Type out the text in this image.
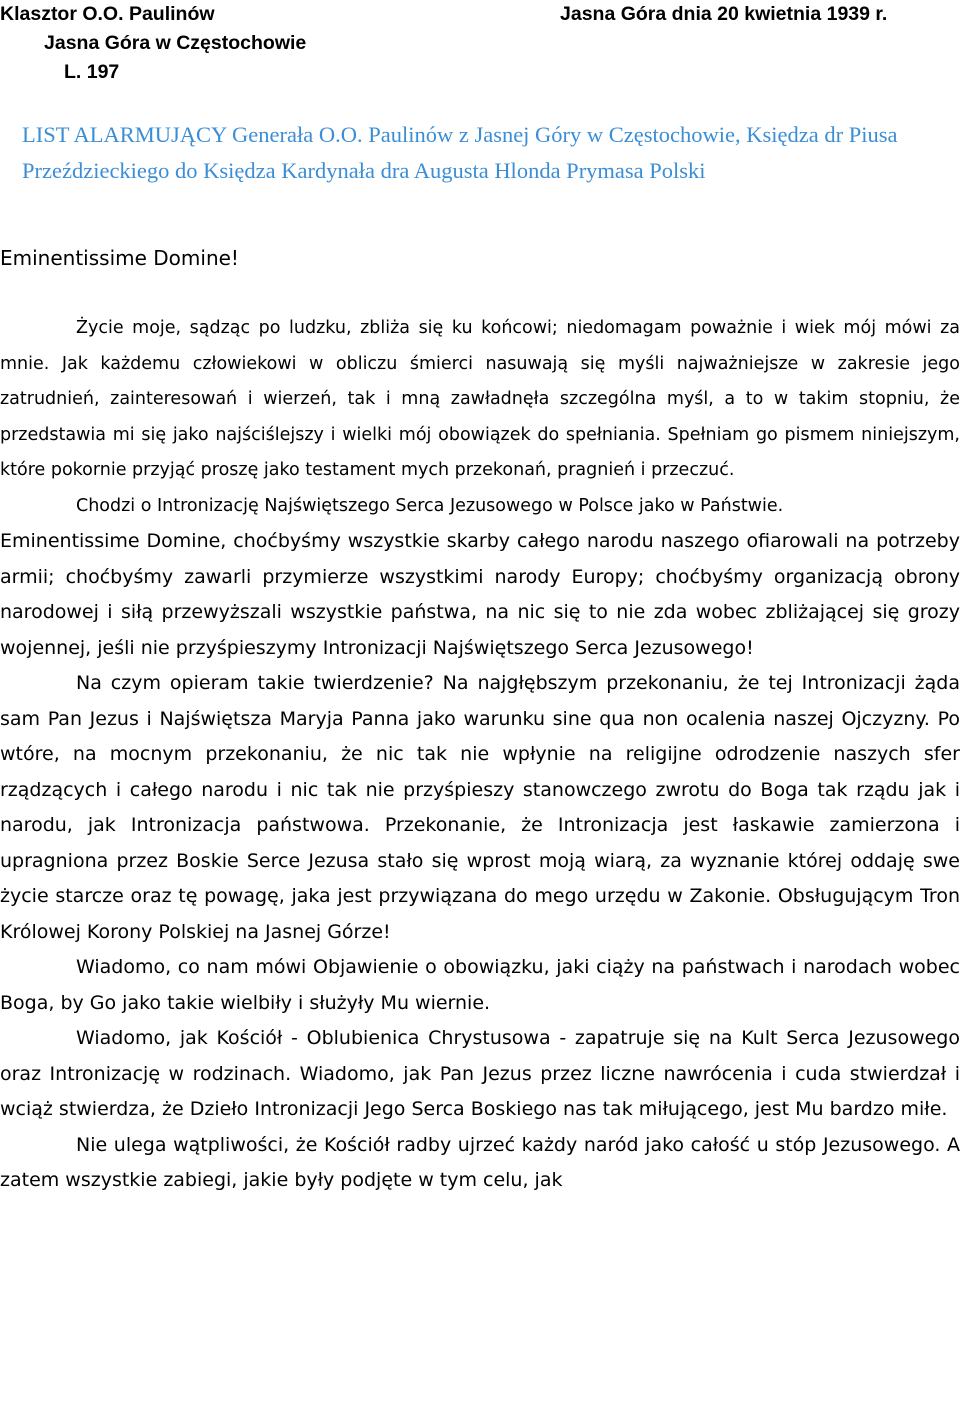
Klasztor O.O. Paulinów	Jasna Góra dnia 20 kwietnia 1939 r.
Jasna Góra w Częstochowie
L. 197
LIST ALARMUJĄCY Generała O.O. Paulinów z Jasnej Góry w Częstochowie, Księdza dr Piusa Przeździeckiego do Księdza Kardynała dra Augusta Hlonda Prymasa Polski
Eminentissime Domine!

Życie moje, sądząc po ludzku, zbliża się ku końcowi; niedomagam poważnie i wiek mój mówi za mnie. Jak każdemu człowiekowi w obliczu śmierci nasuwają się myśli najważniejsze w zakresie jego zatrudnień, zainteresowań i wierzeń, tak i mną zawładnęła szczególna myśl, a to w takim stopniu, że przedstawia mi się jako najściślejszy i wielki mój obowiązek do spełniania. Spełniam go pismem niniejszym, które pokornie przyjąć proszę jako testament mych przekonań, pragnień i przeczuć.

Chodzi o Intronizację Najświętszego Serca Jezusowego w Polsce jako w Państwie.

Eminentissime Domine, choćbyśmy wszystkie skarby całego narodu naszego ofiarowali na potrzeby armii; choćbyśmy zawarli przymierze wszystkimi narody Europy; choćbyśmy organizacją obrony narodowej i siłą przewyższali wszystkie państwa, na nic się to nie zda wobec zbliżającej się grozy wojennej, jeśli nie przyśpieszymy Intronizacji Najświętszego Serca Jezusowego!

Na czym opieram takie twierdzenie? Na najgłębszym przekonaniu, że tej Intronizacji żąda sam Pan Jezus i Najświętsza Maryja Panna jako warunku sine qua non ocalenia naszej Ojczyzny. Po wtóre, na mocnym przekonaniu, że nic tak nie wpłynie na religijne odrodzenie naszych sfer rządzących i całego narodu i nic tak nie przyśpieszy stanowczego zwrotu do Boga tak rządu jak i narodu, jak Intronizacja państwowa. Przekonanie, że Intronizacja jest łaskawie zamierzona i upragniona przez Boskie Serce Jezusa stało się wprost moją wiarą, za wyznanie której oddaję swe życie starcze oraz tę powagę, jaka jest przywiązana do mego urzędu w Zakonie. Obsługującym Tron Królowej Korony Polskiej na Jasnej Górze!

Wiadomo, co nam mówi Objawienie o obowiązku, jaki ciąży na państwach i narodach wobec Boga, by Go jako takie wielbiły i służyły Mu wiernie.

Wiadomo, jak Kościół - Oblubienica Chrystusowa - zapatruje się na Kult Serca Jezusowego oraz Intronizację w rodzinach. Wiadomo, jak Pan Jezus przez liczne nawrócenia i cuda stwierdzał i wciąż stwierdza, że Dzieło Intronizacji Jego Serca Boskiego nas tak miłującego, jest Mu bardzo miłe.

Nie ulega wątpliwości, że Kościół radby ujrzeć każdy naród jako całość u stóp Jezusowego. A zatem wszystkie zabiegi, jakie były podjęte w tym celu, jak
